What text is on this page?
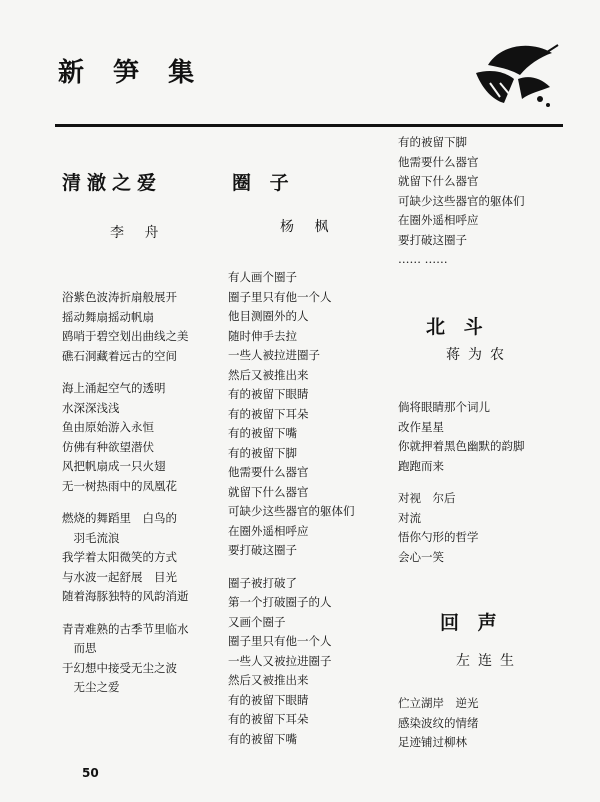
新 笋 集
清澈之爱
李 舟
浴紫色波涛折扇般展开
摇动舞扇摇动帆扇
鸥哨于碧空划出曲线之美
礁石洞藏着远古的空间
海上涌起空气的透明
水深深浅浅
鱼由原始游入永恒
仿佛有种欲望潜伏
风把帆扇成一只火翅
无一树热雨中的凤凰花
燃烧的舞蹈里　白鸟的
　羽毛流浪
我学着太阳微笑的方式
与水波一起舒展　目光
随着海豚独特的风韵消逝
青青难熟的古季节里临水
　而思
于幻想中接受无尘之波
　无尘之爱
圈 子
杨 枫
有人画个圈子
圈子里只有他一个人
他目测圈外的人
随时伸手去拉
一些人被拉进圈子
然后又被推出来
有的被留下眼睛
有的被留下耳朵
有的被留下嘴
有的被留下脚
他需要什么器官
就留下什么器官
可缺少这些器官的躯体们
在圈外遥相呼应
要打破这圈子
圈子被打破了
第一个打破圈子的人
又画个圈子
圈子里只有他一个人
一些人又被拉进圈子
然后又被推出来
有的被留下眼睛
有的被留下耳朵
有的被留下嘴
有的被留下脚
他需要什么器官
就留下什么器官
可缺少这些器官的躯体们
在圈外遥相呼应
要打破这圈子
…… ……
北 斗
蒋为农
倘将眼睛那个词儿
改作星星
你就押着黑色幽默的韵脚
跑跑而来
对视　尔后
对流
悟你勺形的哲学
会心一笑
回 声
左连生
伫立湖岸　逆光
感染波纹的情绪
足迹铺过柳林
50
